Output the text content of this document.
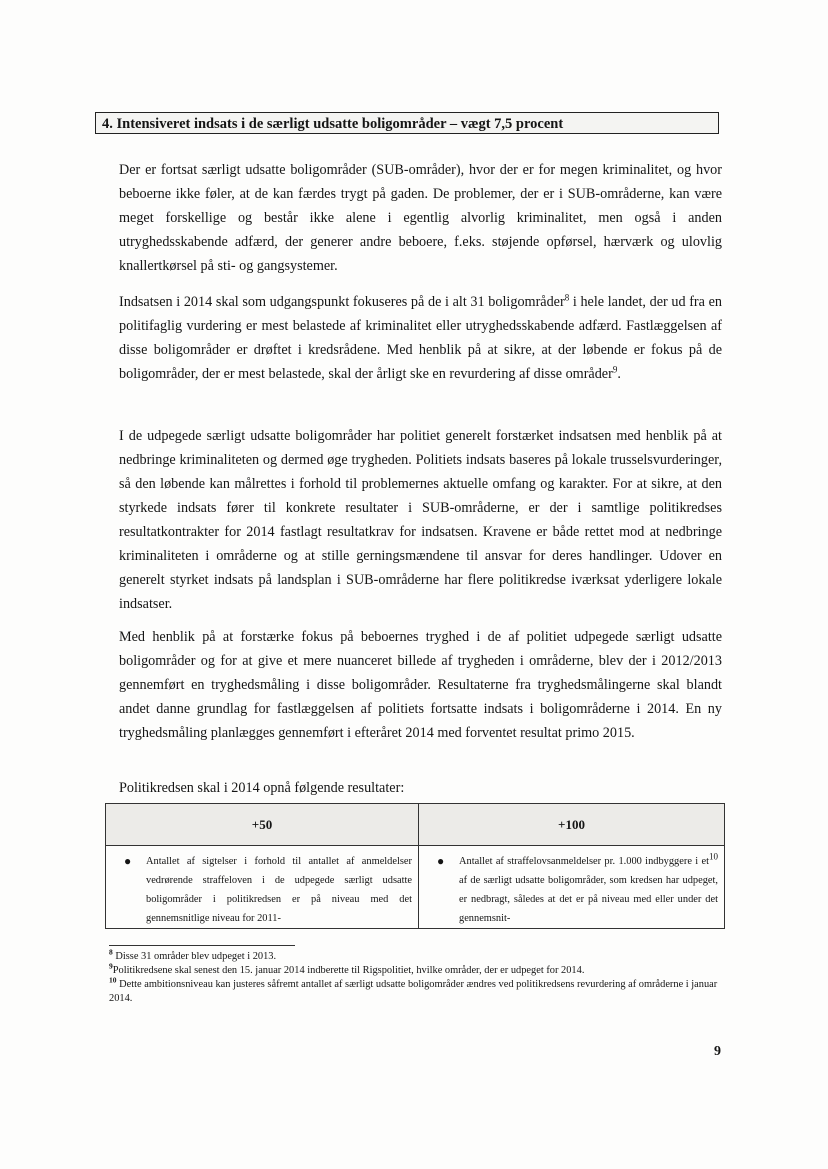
4. Intensiveret indsats i de særligt udsatte boligområder – vægt 7,5 procent

Der er fortsat særligt udsatte boligområder (SUB-områder), hvor der er for megen kriminalitet, og hvor beboerne ikke føler, at de kan færdes trygt på gaden. De problemer, der er i SUB-områderne, kan være meget forskellige og består ikke alene i egentlig alvorlig kriminalitet, men også i anden utryghedsskabende adfærd, der generer andre beboere, f.eks. støjende opførsel, hærværk og ulovlig knallertkørsel på sti- og gangsystemer.

Indsatsen i 2014 skal som udgangspunkt fokuseres på de i alt 31 boligområder$^8$ i hele landet, der ud fra en politifaglig vurdering er mest belastede af kriminalitet eller utryghedsskabende adfærd. Fastlæggelsen af disse boligområder er drøftet i kredsrådene. Med henblik på at sikre, at der løbende er fokus på de boligområder, der er mest belastede, skal der årligt ske en revurdering af disse områder$^9$.

I de udpegede særligt udsatte boligområder har politiet generelt forstærket indsatsen med henblik på at nedbringe kriminaliteten og dermed øge trygheden. Politiets indsats baseres på lokale trusselsvurderinger, så den løbende kan målrettes i forhold til problemernes aktuelle omfang og karakter. For at sikre, at den styrkede indsats fører til konkrete resultater i SUB-områderne, er der i samtlige politikredses resultatkontrakter for 2014 fastlagt resultatkrav for indsatsen. Kravene er både rettet mod at nedbringe kriminaliteten i områderne og at stille gerningsmændene til ansvar for deres handlinger. Udover en generelt styrket indsats på landsplan i SUB-områderne har flere politikredse iværksat yderligere lokale indsatser.

Med henblik på at forstærke fokus på beboernes tryghed i de af politiet udpegede særligt udsatte boligområder og for at give et mere nuanceret billede af trygheden i områderne, blev der i 2012/2013 gennemført en tryghedsmåling i disse boligområder. Resultaterne fra tryghedsmålingerne skal blandt andet danne grundlag for fastlæggelsen af politiets fortsatte indsats i boligområderne i 2014. En ny tryghedsmåling planlægges gennemført i efteråret 2014 med forventet resultat primo 2015.

Politikredsen skal i 2014 opnå følgende resultater:

+50	+100
● Antallet af sigtelser i forhold til antallet af anmeldelser vedrørende straffeloven i de udpegede særligt udsatte boligområder i politikredsen er på niveau med det gennemsnitlige niveau for 2011-

● Antallet af straffelovsanmeldelser pr. 1.000 indbyggere i $et^{10}$ af de særligt udsatte boligområder, som kredsen har udpeget, er nedbragt, således at det er på niveau med eller under det gennemsnit-

$^8$ Disse 31 områder blev udpeget i 2013.

$^9$Politikredsene skal senest den 15. januar 2014 indberette til Rigspolitiet, hvilke områder, der er udpeget for 2014.

$^{10}$ Dette ambitionsniveau kan justeres såfremt antallet af særligt udsatte boligområder ændres ved politikredsens revurdering af områderne i januar 2014.

9
